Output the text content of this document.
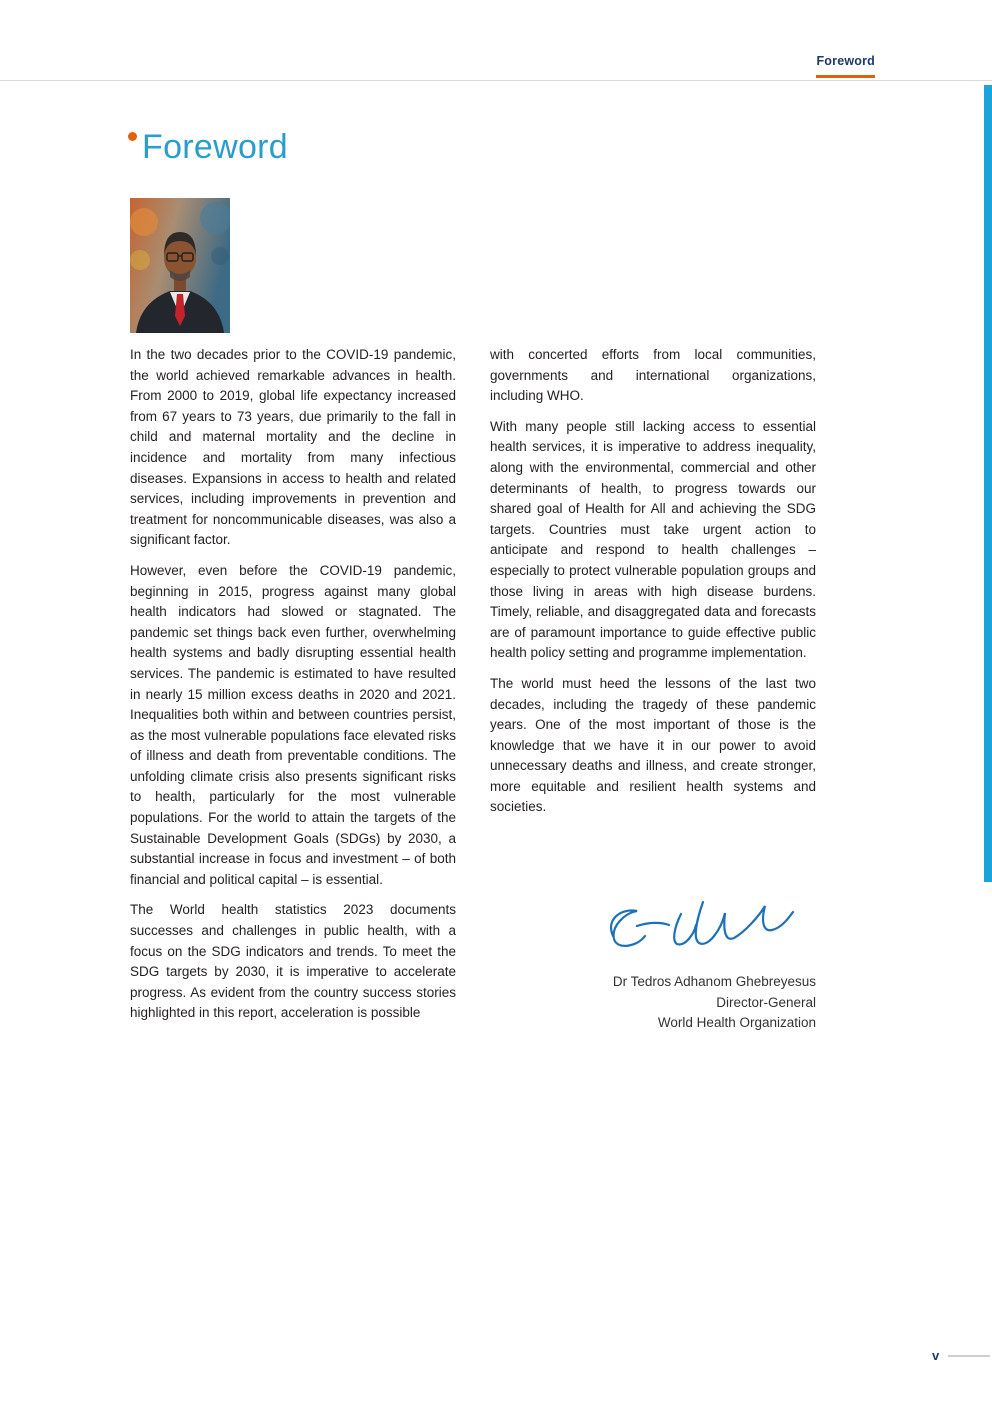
Foreword
Foreword

In the two decades prior to the COVID-19 pandemic, the world achieved remarkable advances in health. From 2000 to 2019, global life expectancy increased from 67 years to 73 years, due primarily to the fall in child and maternal mortality and the decline in incidence and mortality from many infectious diseases. Expansions in access to health and related services, including improvements in prevention and treatment for noncommunicable diseases, was also a significant factor.

However, even before the COVID-19 pandemic, beginning in 2015, progress against many global health indicators had slowed or stagnated. The pandemic set things back even further, overwhelming health systems and badly disrupting essential health services. The pandemic is estimated to have resulted in nearly 15 million excess deaths in 2020 and 2021. Inequalities both within and between countries persist, as the most vulnerable populations face elevated risks of illness and death from preventable conditions. The unfolding climate crisis also presents significant risks to health, particularly for the most vulnerable populations. For the world to attain the targets of the Sustainable Development Goals (SDGs) by 2030, a substantial increase in focus and investment – of both financial and political capital – is essential.

The World health statistics 2023 documents successes and challenges in public health, with a focus on the SDG indicators and trends. To meet the SDG targets by 2030, it is imperative to accelerate progress. As evident from the country success stories highlighted in this report, acceleration is possible

with concerted efforts from local communities, governments and international organizations, including WHO.

With many people still lacking access to essential health services, it is imperative to address inequality, along with the environmental, commercial and other determinants of health, to progress towards our shared goal of Health for All and achieving the SDG targets. Countries must take urgent action to anticipate and respond to health challenges – especially to protect vulnerable population groups and those living in areas with high disease burdens. Timely, reliable, and disaggregated data and forecasts are of paramount importance to guide effective public health policy setting and programme implementation.

The world must heed the lessons of the last two decades, including the tragedy of these pandemic years. One of the most important of those is the knowledge that we have it in our power to avoid unnecessary deaths and illness, and create stronger, more equitable and resilient health systems and societies.

Dr Tedros Adhanom Ghebreyesus
Director-General
World Health Organization
v
